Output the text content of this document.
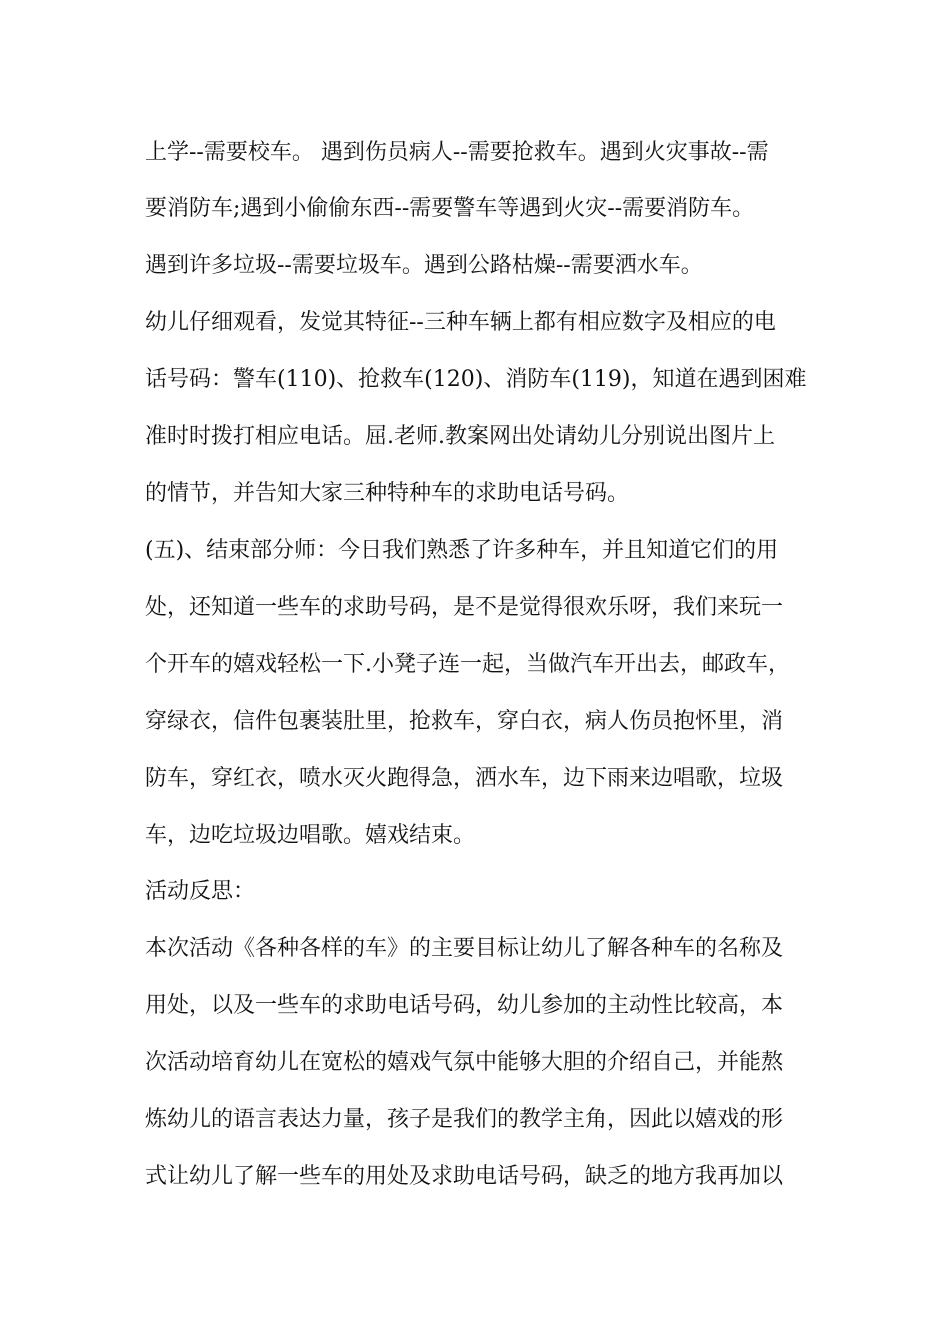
上学--需要校车。 遇到伤员病人--需要抢救车。遇到火灾事故--需

要消防车;遇到小偷偷东西--需要警车等遇到火灾--需要消防车。

遇到许多垃圾--需要垃圾车。遇到公路枯燥--需要洒水车。

幼儿仔细观看，发觉其特征--三种车辆上都有相应数字及相应的电

话号码：警车(110)、抢救车(120)、消防车(119)，知道在遇到困难

准时时拨打相应电话。屈.老师.教案网出处请幼儿分别说出图片上

的情节，并告知大家三种特种车的求助电话号码。

(五)、结束部分师：今日我们熟悉了许多种车，并且知道它们的用

处，还知道一些车的求助号码，是不是觉得很欢乐呀，我们来玩一

个开车的嬉戏轻松一下.小凳子连一起，当做汽车开出去，邮政车，

穿绿衣，信件包裹装肚里，抢救车，穿白衣，病人伤员抱怀里，消

防车，穿红衣，喷水灭火跑得急，洒水车，边下雨来边唱歌，垃圾

车，边吃垃圾边唱歌。嬉戏结束。

活动反思：

本次活动《各种各样的车》的主要目标让幼儿了解各种车的名称及

用处，以及一些车的求助电话号码，幼儿参加的主动性比较高，本

次活动培育幼儿在宽松的嬉戏气氛中能够大胆的介绍自己，并能熬

炼幼儿的语言表达力量，孩子是我们的教学主角，因此以嬉戏的形

式让幼儿了解一些车的用处及求助电话号码，缺乏的地方我再加以
